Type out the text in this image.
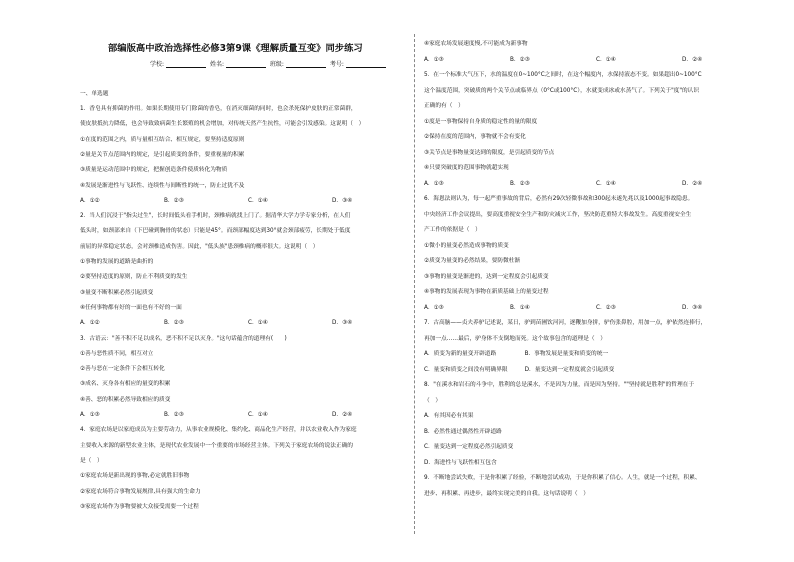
部编版高中政治选择性必修3第9课《理解质量互变》同步练习
学校:	姓名:	班级:	考号:
一、单选题
1．香皂具有抑菌的作用。如果长期使用专门除菌的香皂，在消灭细菌的同时，也会杀死保护皮肤的正常菌群，
使皮肤抵抗力降低，也会导致致病菌生长繁殖的机会增加，对传统天然产生抗性，可能会引发感染。这说明（　）
①在度的范围之内，质与量相互结合、相互规定，要坚持适度原则
②量是关节点范围内的规定，是引起质变的条件，要重视量的积累
③质量是运动范围中的规定，把握创造条件使质转化为物质
④发展是渐进性与飞跃性、连续性与间断性的统一，防止过犹不及
A．①②	B．②③	C．①④	D．③④
2．当人们沉浸于"指尖过生"，长时间低头看手机时，颈椎病就找上门了。据清华大学力学专家分析，在人们
低头时，如颈部来自（下巴碰到胸骨的状态）只能是45°。而颈部幅度达到30°就会颈部疲劳，长期处于低度
前屈的异常稳定状态，会对颈椎造成伤害。因此，"低头族"患颈椎病的概率很大。这说明（　）
①事物的发展的道路是曲折的
②要坚持适度的原则，防止不利质变的发生
③量变不断积累必然引起质变
④任何事物都有好的一面也有不好的一面
A．①②	B．②③	C．①④	D．③④
3．古语云："善不积不足以成名，恶不积不足以灭身。"这句话蕴含的道理有(　　)
①善与恶性质不同，相互对立
②善与恶在一定条件下会相互转化
③成名、灭身各有相应的量变的积累
④善、恶的积累必然导致相应的质变
A．①③	B．②③	C．①④	D．②④
4．家庭农场是以家庭成员为主要劳动力，从事农业规模化、集约化、商品化生产经营，并以农业收入作为家庭
主要收入来源的新型农业主体，是现代农业发展中一个重要的市场经营主体。下列关于家庭农场的说法正确的
是（　）
①家庭农场是新出现的事物,必定就胜旧事物
②家庭农场符合事物发展规律,具有强大的生命力
③家庭农场作为事物要被大众接受需要一个过程
④家庭农场发展速度慢,不可能成为新事物
A．①③	B．②③	C．①④	D．②④
5．在一个标准大气压下，水的温度在0~100°C之间时，在这个幅度内，水保持液态不变。如果超出0~100°C
这个温度范围，突破质的两个关节点或临界点（0°C或100°C），水就变成冰或水蒸气了。下列关于"度"的认识
正确的有（　）
①度是一事物保持自身质的稳定性的量的限度
②保持在度的范围内，事物就不会有变化
③关节点是事物量变达到的限度，是引起质变的节点
④只要突破度的范围事物就超实现
A．①③	B．②③	C．①④	D．②④
6．海恩法则认为，每一起严重事故的背后，必然有29次轻微事故和300起未遂先兆以及1000起事故隐患。
中央经济工作会议提出，要高度重视安全生产和防灾减灾工作，坚决防范重特大事故发生。高度重视安全生
产工作的依据是（　）
①微小的量变必然造成事物的质变
②质变为量变的必然结果，要防微杜渐
③事物的量变是渐进的，达到一定程度会引起质变
④事物的发展表现为事物在新质基础上的量变过程
A．①③	B．①④	C．②③	D．③④
7．古高脑——贞夫养驴记述说，某日，驴到苗圃饮河河，逐鞭加身拼，驴伤张鼻腔，用加一点，驴依然连捧行，
再加一点……最后，驴身体不支倒地而死。这个故事包含的道理是（　）
A．质变为新的量变开辟道路　　　　　B．事物发展是量变和质变的统一
C．量变和质变之间没有明确界限　　　D．量变达到一定程度就会引起质变
8．"在溪水和岩石的斗争中，胜利的总是溪水，不是因为力量，而是因为坚持。""坚持就是胜利"的哲理在于
（　）
A．有其因必有其果
B．必然性通过偶然性开辟道路
C．量变达到一定程度必然引起质变
D．海进性与飞跃性相互包含
9．不断地尝试失败，于是你积累了经验，不断地尝试成功，于是你积累了信心。人生，就是一个过程，积累、
进步、再积累、再进步，最终实现完美的自我。这句话说明（　）
